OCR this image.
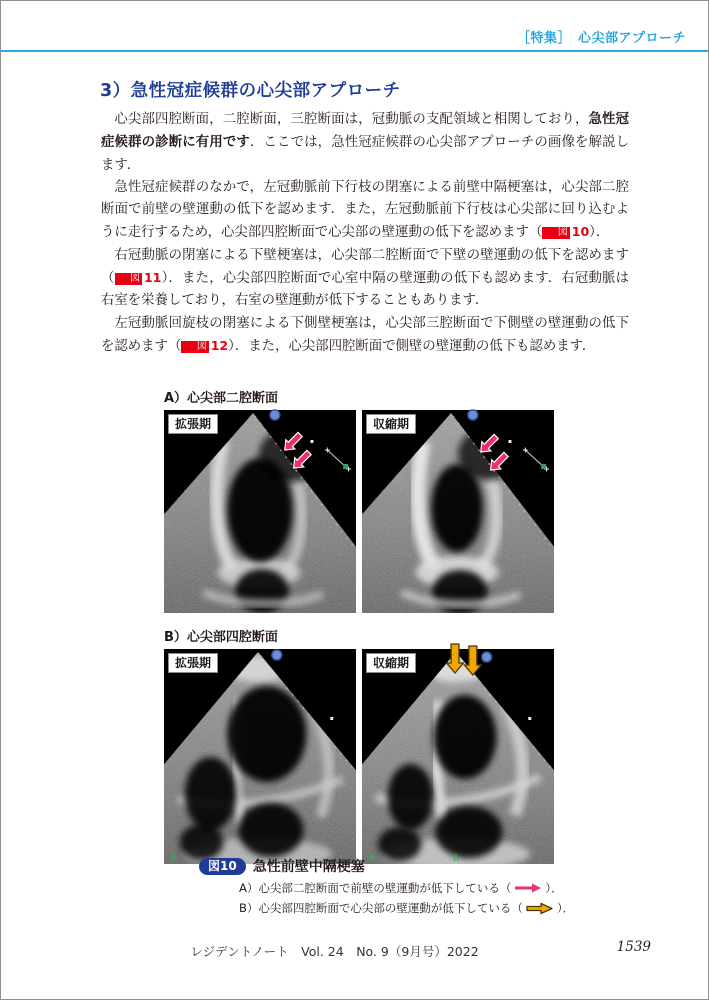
［特集］　心尖部アプローチ
3）急性冠症候群の心尖部アプローチ

心尖部四腔断面，二腔断面，三腔断面は，冠動脈の支配領域と相関しており，急性冠症候群の診断に有用です．ここでは，急性冠症候群の心尖部アプローチの画像を解説します．

急性冠症候群のなかで，左冠動脈前下行枝の閉塞による前壁中隔梗塞は，心尖部二腔断面で前壁の壁運動の低下を認めます．また，左冠動脈前下行枝は心尖部に回り込むように走行するため，心尖部四腔断面で心尖部の壁運動の低下を認めます（ 図 10）．

右冠動脈の閉塞による下壁梗塞は，心尖部二腔断面で下壁の壁運動の低下を認めます（ 図 11）．また，心尖部四腔断面で心室中隔の壁運動の低下も認めます．右冠動脈は右室を栄養しており，右室の壁運動が低下することもあります．

左冠動脈回旋枝の閉塞による下側壁梗塞は，心尖部三腔断面で下側壁の壁運動の低下を認めます（ 図 12）．また，心尖部四腔断面で側壁の壁運動の低下も認めます．

A）心尖部二腔断面
拡張期	収縮期
B）心尖部四腔断面
拡張期	収縮期
図10	急性前壁中隔梗塞
A）心尖部二腔断面で前壁の壁運動が低下している（	）．
B）心尖部四腔断面で心尖部の壁運動が低下している（	）．
レジデントノート　Vol. 24　No. 9（9月号）2022	1539
